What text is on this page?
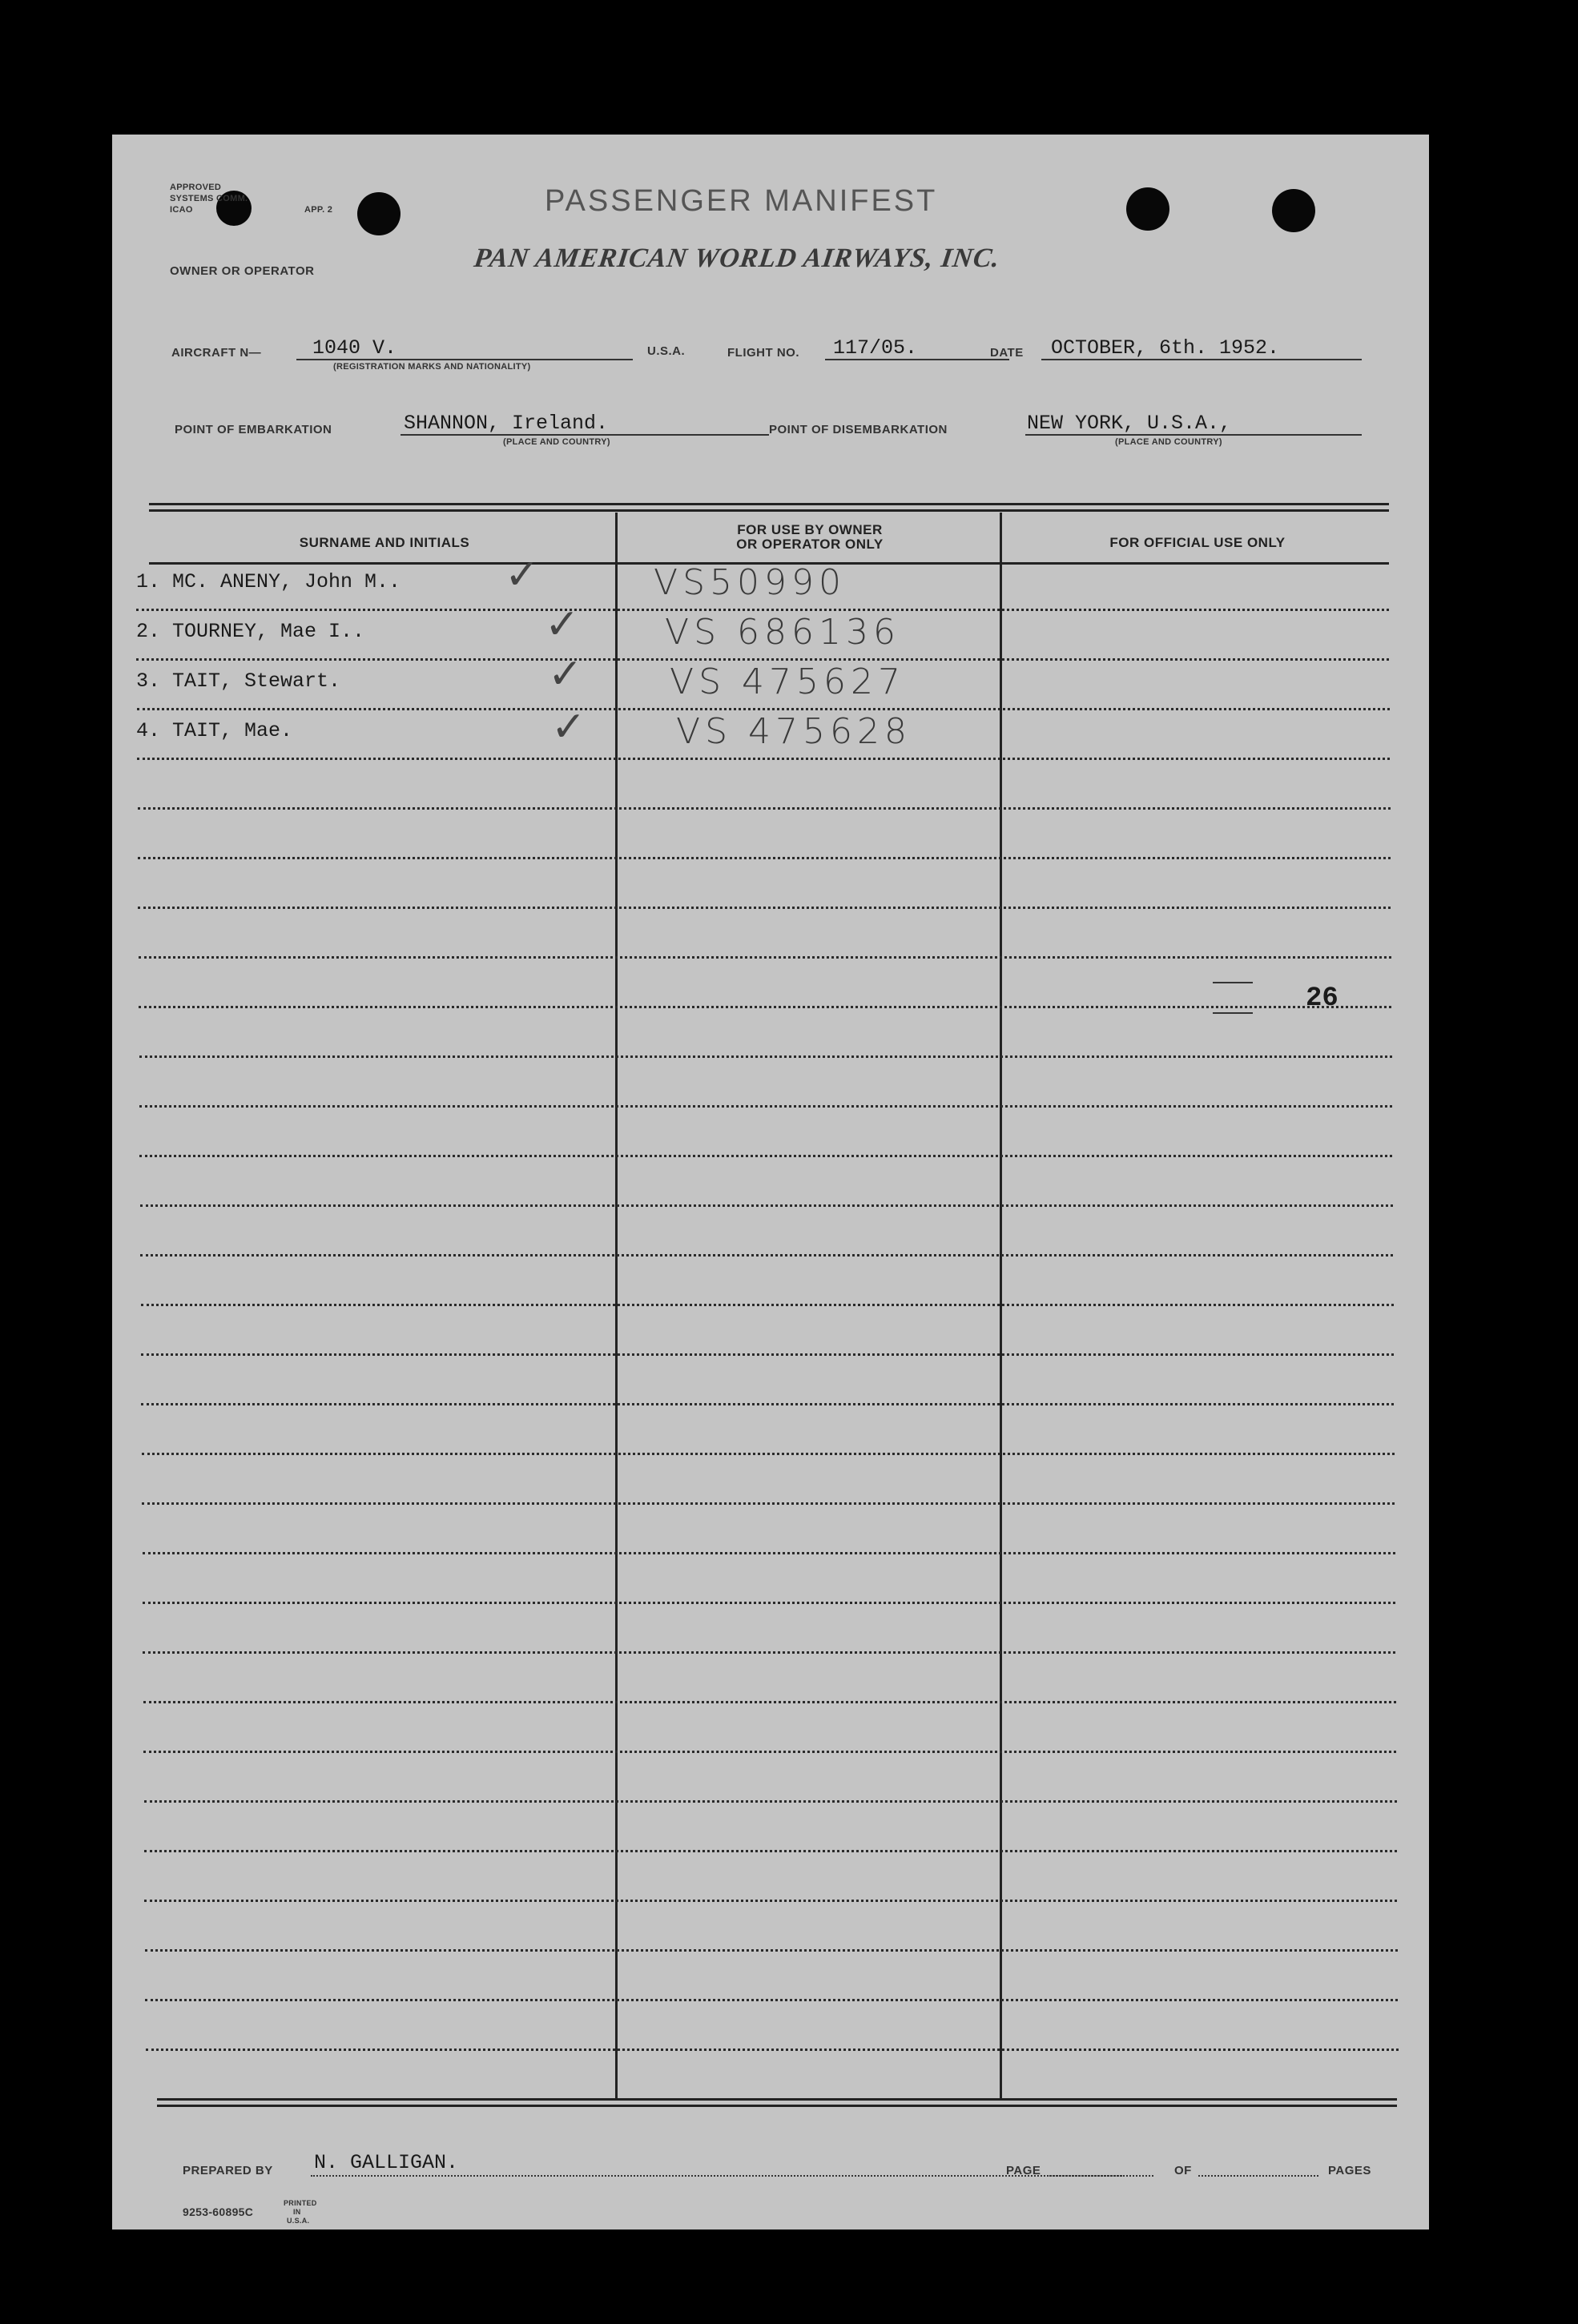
APPROVED
SYSTEMS COMM.
ICAO	APP. 2	PASSENGER MANIFEST
OWNER OR OPERATOR	PAN AMERICAN WORLD AIRWAYS, INC.
AIRCRAFT N—	1040 V.
(REGISTRATION MARKS AND NATIONALITY)
U.S.A.	FLIGHT NO. 117/05.	DATE OCTOBER, 6th. 1952.
POINT OF EMBARKATION	SHANNON, Ireland.
(PLACE AND COUNTRY)
POINT OF DISEMBARKATION	NEW YORK, U.S.A.,
(PLACE AND COUNTRY)
SURNAME AND INITIALS
FOR USE BY OWNER
OR OPERATOR ONLY	FOR OFFICIAL USE ONLY
1. MC. ANENY, John M.. ✓	VS50990
2. TOURNEY, Mae I..	✓ VS 686136
3. TAIT, Stewart.	✓ VS 475627
4. TAIT, Mae.	✓	VS 475628
26
PREPARED BY N. GALLIGAN.	PAGE	OF	PAGES
9253-60895C
PRINTED
IN
U.S.A.
